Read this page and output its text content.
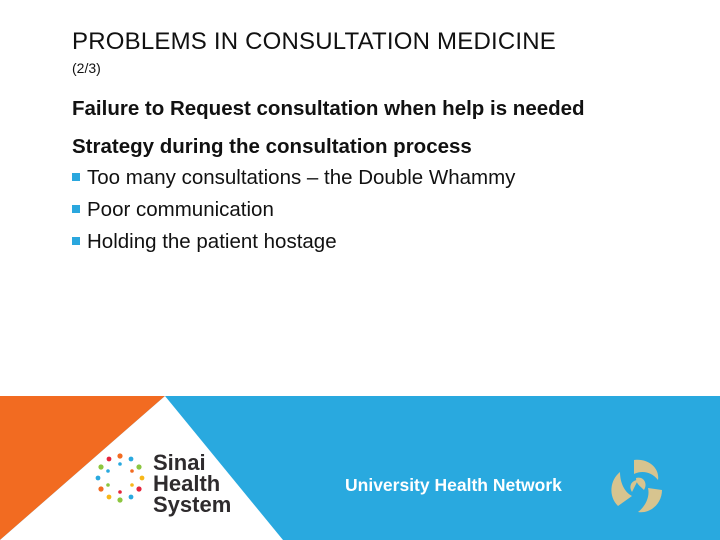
PROBLEMS IN CONSULTATION MEDICINE
(2/3)
Failure to Request consultation when help is needed
Strategy during the consultation process
Too many consultations – the Double Whammy
Poor communication
Holding the patient hostage
Sinai
Health
System
University Health Network
